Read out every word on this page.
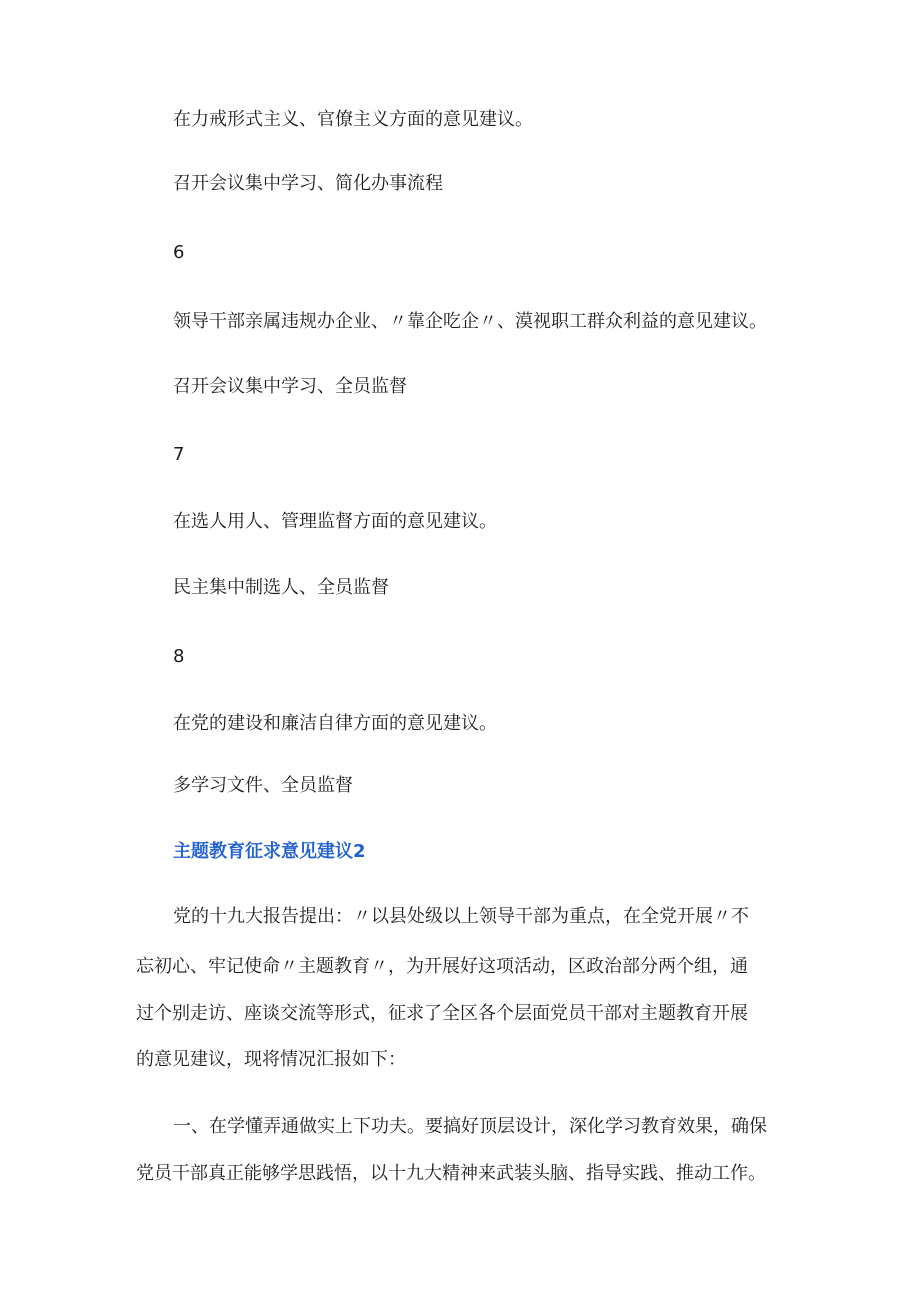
在力戒形式主义、官僚主义方面的意见建议。

召开会议集中学习、简化办事流程

6

领导干部亲属违规办企业、〃靠企吃企〃、漠视职工群众利益的意见建议。

召开会议集中学习、全员监督

7

在选人用人、管理监督方面的意见建议。

民主集中制选人、全员监督

8

在党的建设和廉洁自律方面的意见建议。

多学习文件、全员监督

主题教育征求意见建议2

党的十九大报告提出：〃以县处级以上领导干部为重点，在全党开展〃不

忘初心、牢记使命〃主题教育〃，为开展好这项活动，区政治部分两个组，通

过个别走访、座谈交流等形式，征求了全区各个层面党员干部对主题教育开展

的意见建议，现将情况汇报如下：

一、在学懂弄通做实上下功夫。要搞好顶层设计，深化学习教育效果，确保

党员干部真正能够学思践悟，以十九大精神来武装头脑、指导实践、推动工作。
